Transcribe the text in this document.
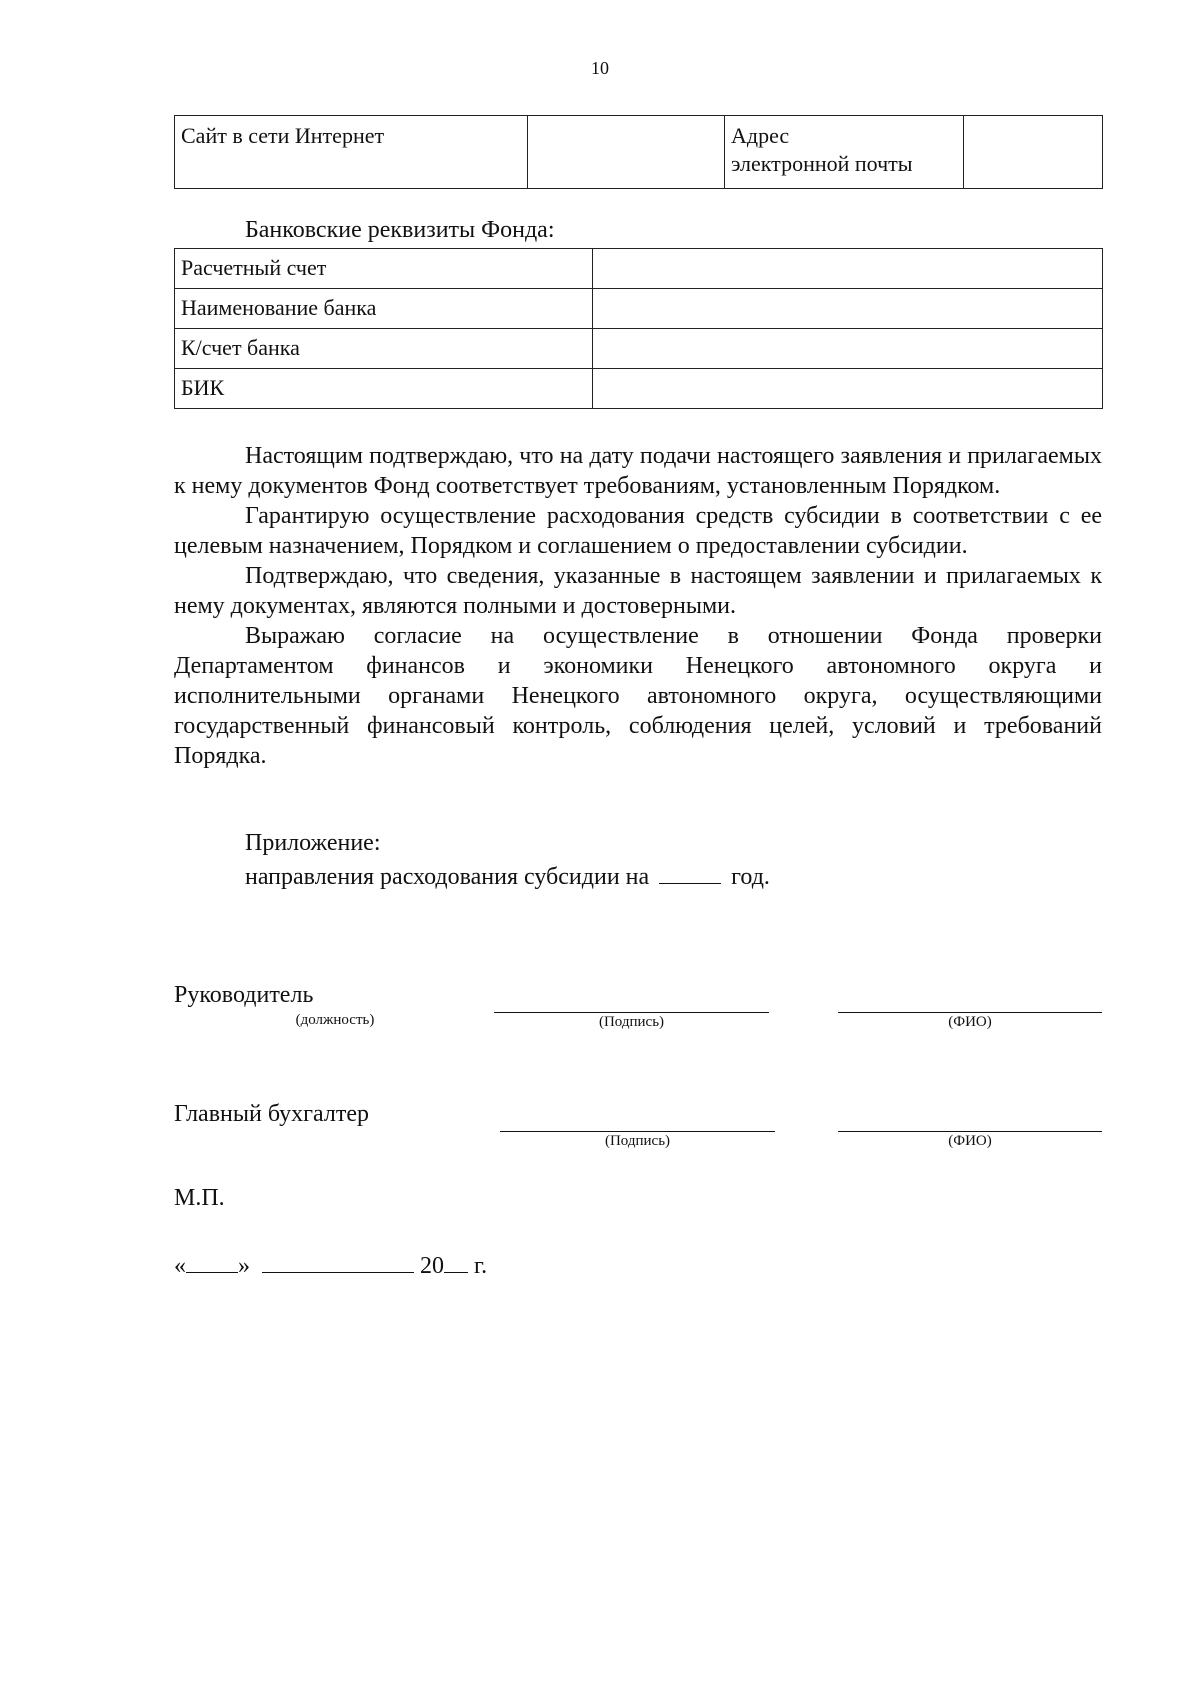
10
Сайт в сети Интернет		Адрес
электронной почты

Банковские реквизиты Фонда:
Расчетный счет	
Наименование банка	
К/счет банка	
БИК	

Настоящим подтверждаю, что на дату подачи настоящего заявления и прилагаемых к нему документов Фонд соответствует требованиям, установленным Порядком.

Гарантирую осуществление расходования средств субсидии в соответствии с ее целевым назначением, Порядком и соглашением о предоставлении субсидии.

Подтверждаю, что сведения, указанные в настоящем заявлении и прилагаемых к нему документах, являются полными и достоверными.

Выражаю согласие на осуществление в отношении Фонда проверки Департаментом финансов и экономики Ненецкого автономного округа и исполнительными органами Ненецкого автономного округа, осуществляющими государственный финансовый контроль, соблюдения целей, условий и требований Порядка.

Приложение:
направления расходования субсидии на	год.
Руководитель
(должность)	(Подпись)	(ФИО)
Главный бухгалтер
(Подпись)	(ФИО)
М.П.
« »	20 г.
